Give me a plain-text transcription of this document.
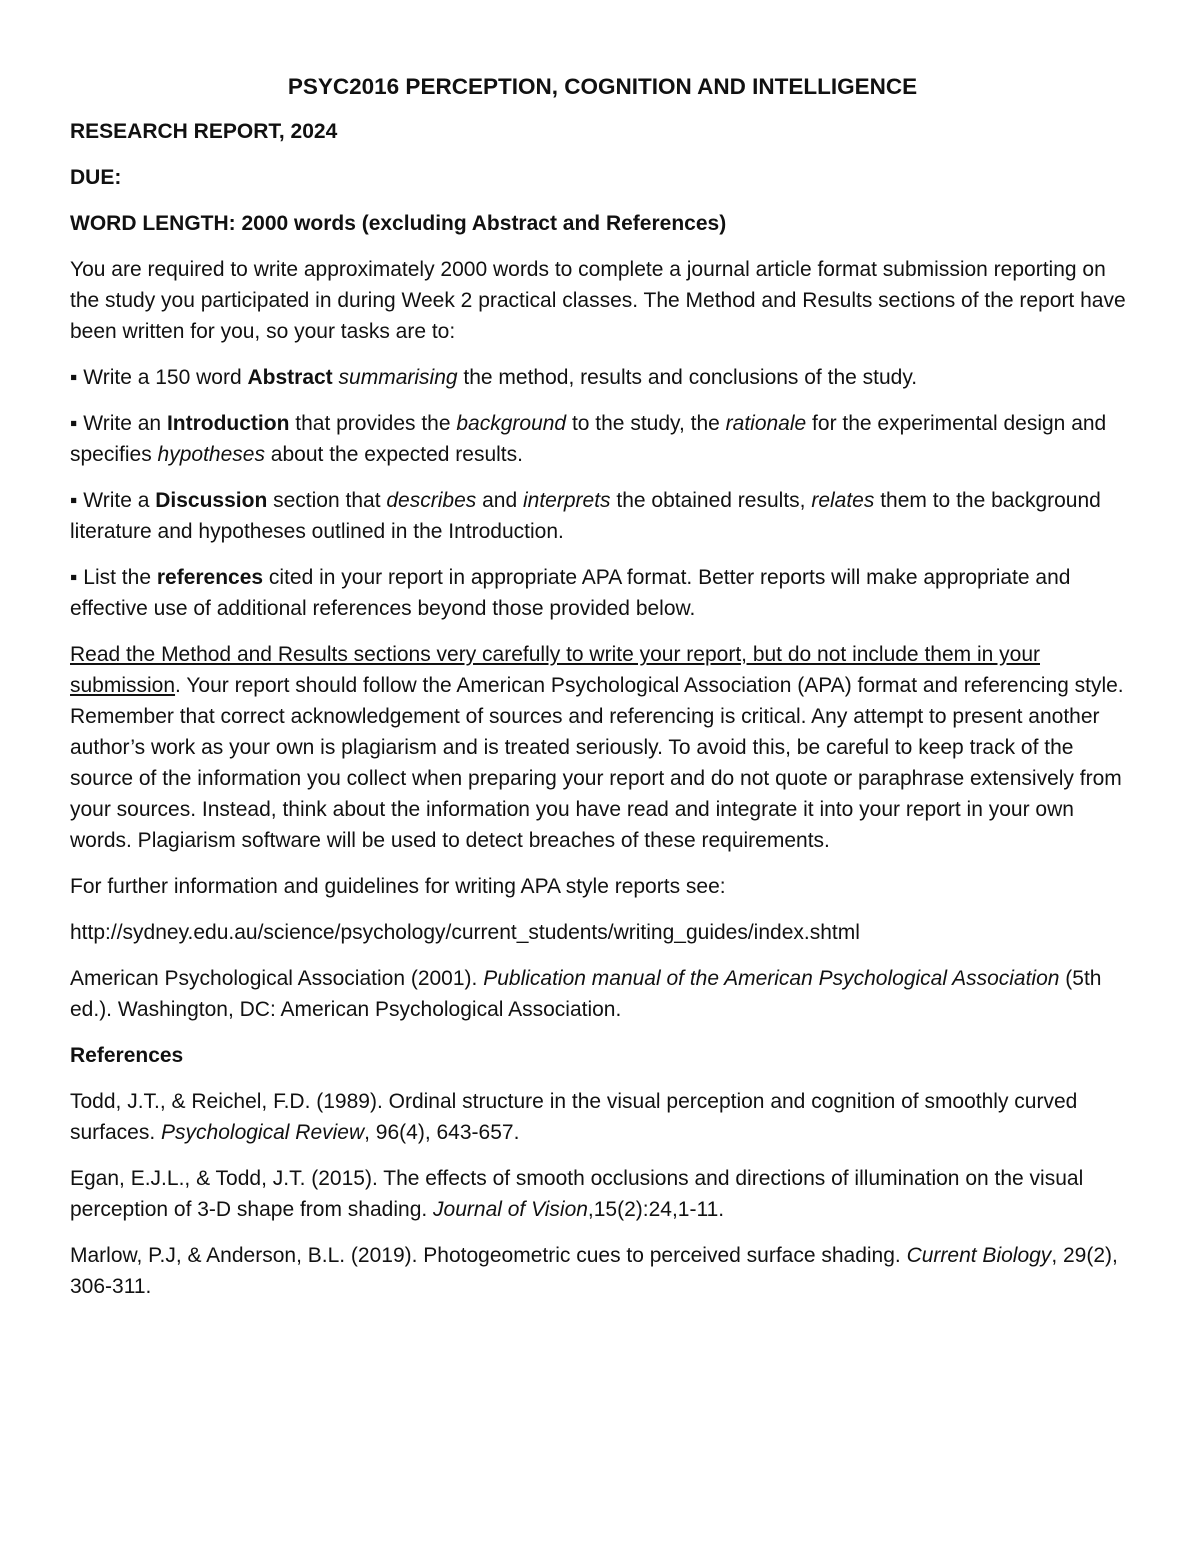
PSYC2016 PERCEPTION, COGNITION AND INTELLIGENCE
RESEARCH REPORT, 2024
DUE:
WORD LENGTH: 2000 words (excluding Abstract and References)

You are required to write approximately 2000 words to complete a journal article format submission reporting on the study you participated in during Week 2 practical classes. The Method and Results sections of the report have been written for you, so your tasks are to:

▪ Write a 150 word Abstract summarising the method, results and conclusions of the study.

▪ Write an Introduction that provides the background to the study, the rationale for the experimental design and specifies hypotheses about the expected results.

▪ Write a Discussion section that describes and interprets the obtained results, relates them to the background literature and hypotheses outlined in the Introduction.

▪ List the references cited in your report in appropriate APA format. Better reports will make appropriate and effective use of additional references beyond those provided below.

Read the Method and Results sections very carefully to write your report, but do not include them in your submission. Your report should follow the American Psychological Association (APA) format and referencing style. Remember that correct acknowledgement of sources and referencing is critical. Any attempt to present another author’s work as your own is plagiarism and is treated seriously. To avoid this, be careful to keep track of the source of the information you collect when preparing your report and do not quote or paraphrase extensively from your sources. Instead, think about the information you have read and integrate it into your report in your own words. Plagiarism software will be used to detect breaches of these requirements.

For further information and guidelines for writing APA style reports see:

http://sydney.edu.au/science/psychology/current_students/writing_guides/index.shtml

American Psychological Association (2001). Publication manual of the American Psychological Association (5th ed.). Washington, DC: American Psychological Association.

References

Todd, J.T., & Reichel, F.D. (1989). Ordinal structure in the visual perception and cognition of smoothly curved surfaces. Psychological Review, 96(4), 643-657.

Egan, E.J.L., & Todd, J.T. (2015). The effects of smooth occlusions and directions of illumination on the visual perception of 3-D shape from shading. Journal of Vision,15(2):24,1-11.

Marlow, P.J, & Anderson, B.L. (2019). Photogeometric cues to perceived surface shading. Current Biology, 29(2), 306-311.
